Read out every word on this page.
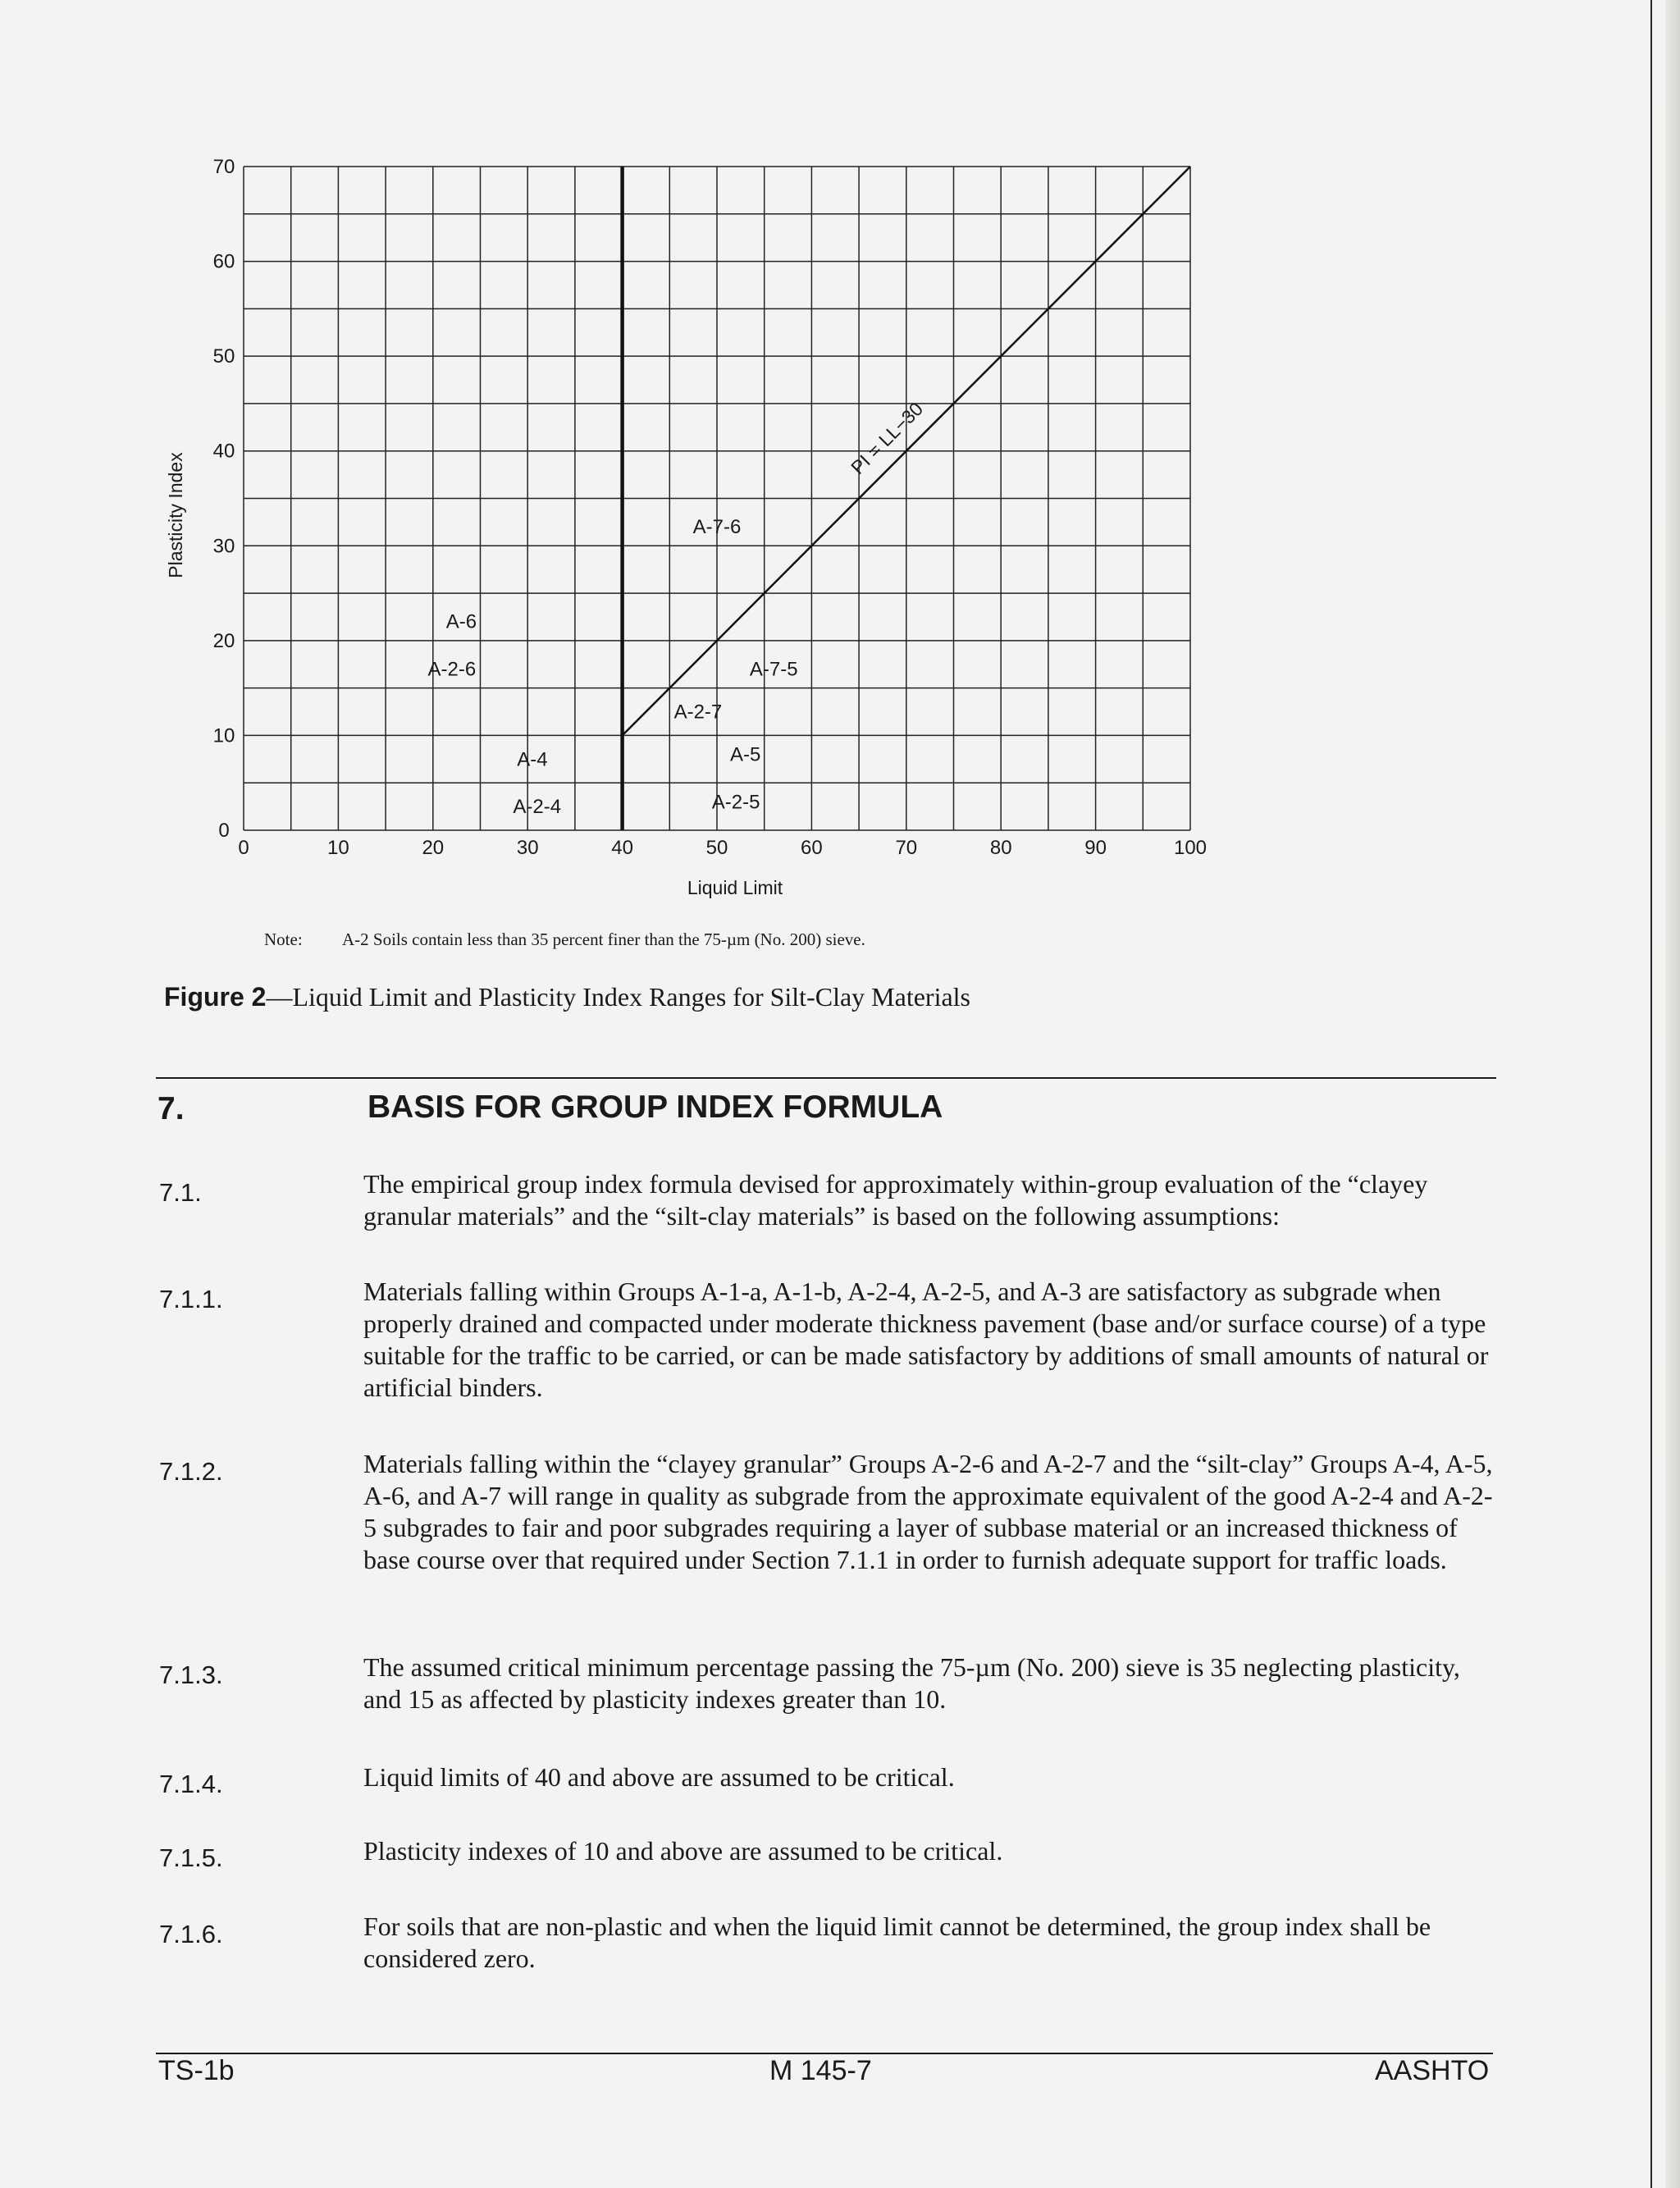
0	10	20	30	40	50	60	70	80	90	100
0
10
20
30
40
50
60
70
A-6
A-2-6
A-4
A-2-4
A-7-6
A-7-5
A-2-7
A-5
A-2-5
PI = LL−30
Liquid Limit
Plasticity Index
Note: A-2 Soils contain less than 35 percent finer than the 75-µm (No. 200) sieve.
Figure 2—Liquid Limit and Plasticity Index Ranges for Silt-Clay Materials
7.	BASIS FOR GROUP INDEX FORMULA
7.1.	The empirical group index formula devised for approximately within-group evaluation of the “clayey granular materials” and the “silt-clay materials” is based on the following assumptions:
7.1.1.	Materials falling within Groups A-1-a, A-1-b, A-2-4, A-2-5, and A-3 are satisfactory as subgrade when properly drained and compacted under moderate thickness pavement (base and/or surface course) of a type suitable for the traffic to be carried, or can be made satisfactory by additions of small amounts of natural or artificial binders.
7.1.2.	Materials falling within the “clayey granular” Groups A-2-6 and A-2-7 and the “silt-clay” Groups A-4, A-5, A-6, and A-7 will range in quality as subgrade from the approximate equivalent of the good A-2-4 and A-2-5 subgrades to fair and poor subgrades requiring a layer of subbase material or an increased thickness of base course over that required under Section 7.1.1 in order to furnish adequate support for traffic loads.
7.1.3.	The assumed critical minimum percentage passing the 75-µm (No. 200) sieve is 35 neglecting plasticity, and 15 as affected by plasticity indexes greater than 10.
7.1.4.	Liquid limits of 40 and above are assumed to be critical.
7.1.5.	Plasticity indexes of 10 and above are assumed to be critical.
7.1.6.	For soils that are non-plastic and when the liquid limit cannot be determined, the group index shall be considered zero.
TS-1b	M 145-7	AASHTO
